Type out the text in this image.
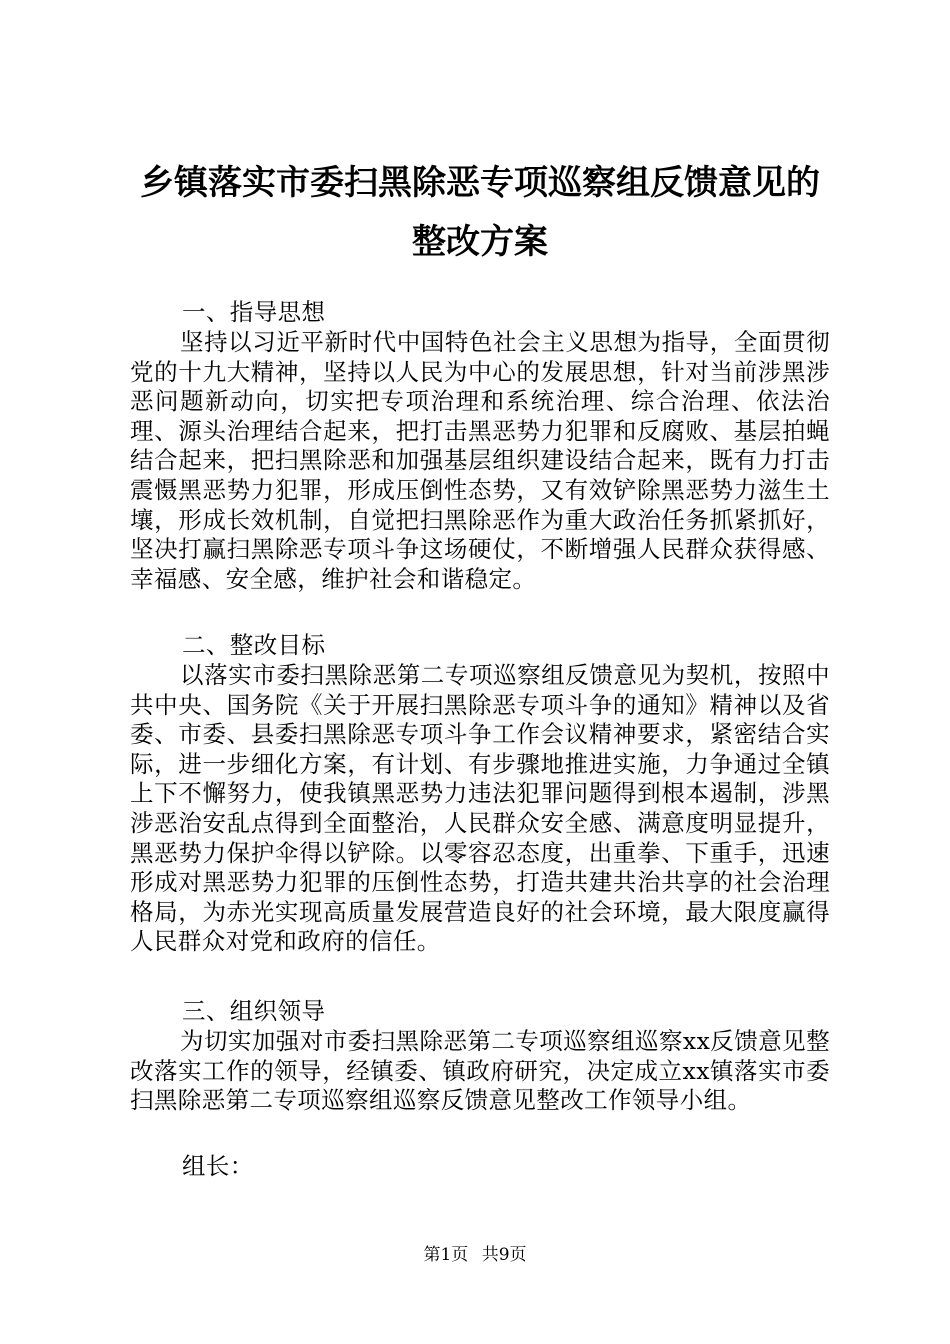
乡镇落实市委扫黑除恶专项巡察组反馈意见的
整改方案

一、指导思想

坚持以习近平新时代中国特色社会主义思想为指导，全面贯彻党的十九大精神，坚持以人民为中心的发展思想，针对当前涉黑涉恶问题新动向，切实把专项治理和系统治理、综合治理、依法治理、源头治理结合起来，把打击黑恶势力犯罪和反腐败、基层拍蝇结合起来，把扫黑除恶和加强基层组织建设结合起来，既有力打击震慑黑恶势力犯罪，形成压倒性态势，又有效铲除黑恶势力滋生土壤，形成长效机制，自觉把扫黑除恶作为重大政治任务抓紧抓好，坚决打赢扫黑除恶专项斗争这场硬仗，不断增强人民群众获得感、幸福感、安全感，维护社会和谐稳定。

二、整改目标

以落实市委扫黑除恶第二专项巡察组反馈意见为契机，按照中共中央、国务院《关于开展扫黑除恶专项斗争的通知》精神以及省委、市委、县委扫黑除恶专项斗争工作会议精神要求，紧密结合实际，进一步细化方案，有计划、有步骤地推进实施，力争通过全镇上下不懈努力，使我镇黑恶势力违法犯罪问题得到根本遏制，涉黑涉恶治安乱点得到全面整治，人民群众安全感、满意度明显提升，黑恶势力保护伞得以铲除。以零容忍态度，出重拳、下重手，迅速形成对黑恶势力犯罪的压倒性态势，打造共建共治共享的社会治理格局，为赤光实现高质量发展营造良好的社会环境，最大限度赢得人民群众对党和政府的信任。

三、组织领导

为切实加强对市委扫黑除恶第二专项巡察组巡察xx反馈意见整改落实工作的领导，经镇委、镇政府研究，决定成立xx镇落实市委扫黑除恶第二专项巡察组巡察反馈意见整改工作领导小组。

组长：

第1页 共9页
